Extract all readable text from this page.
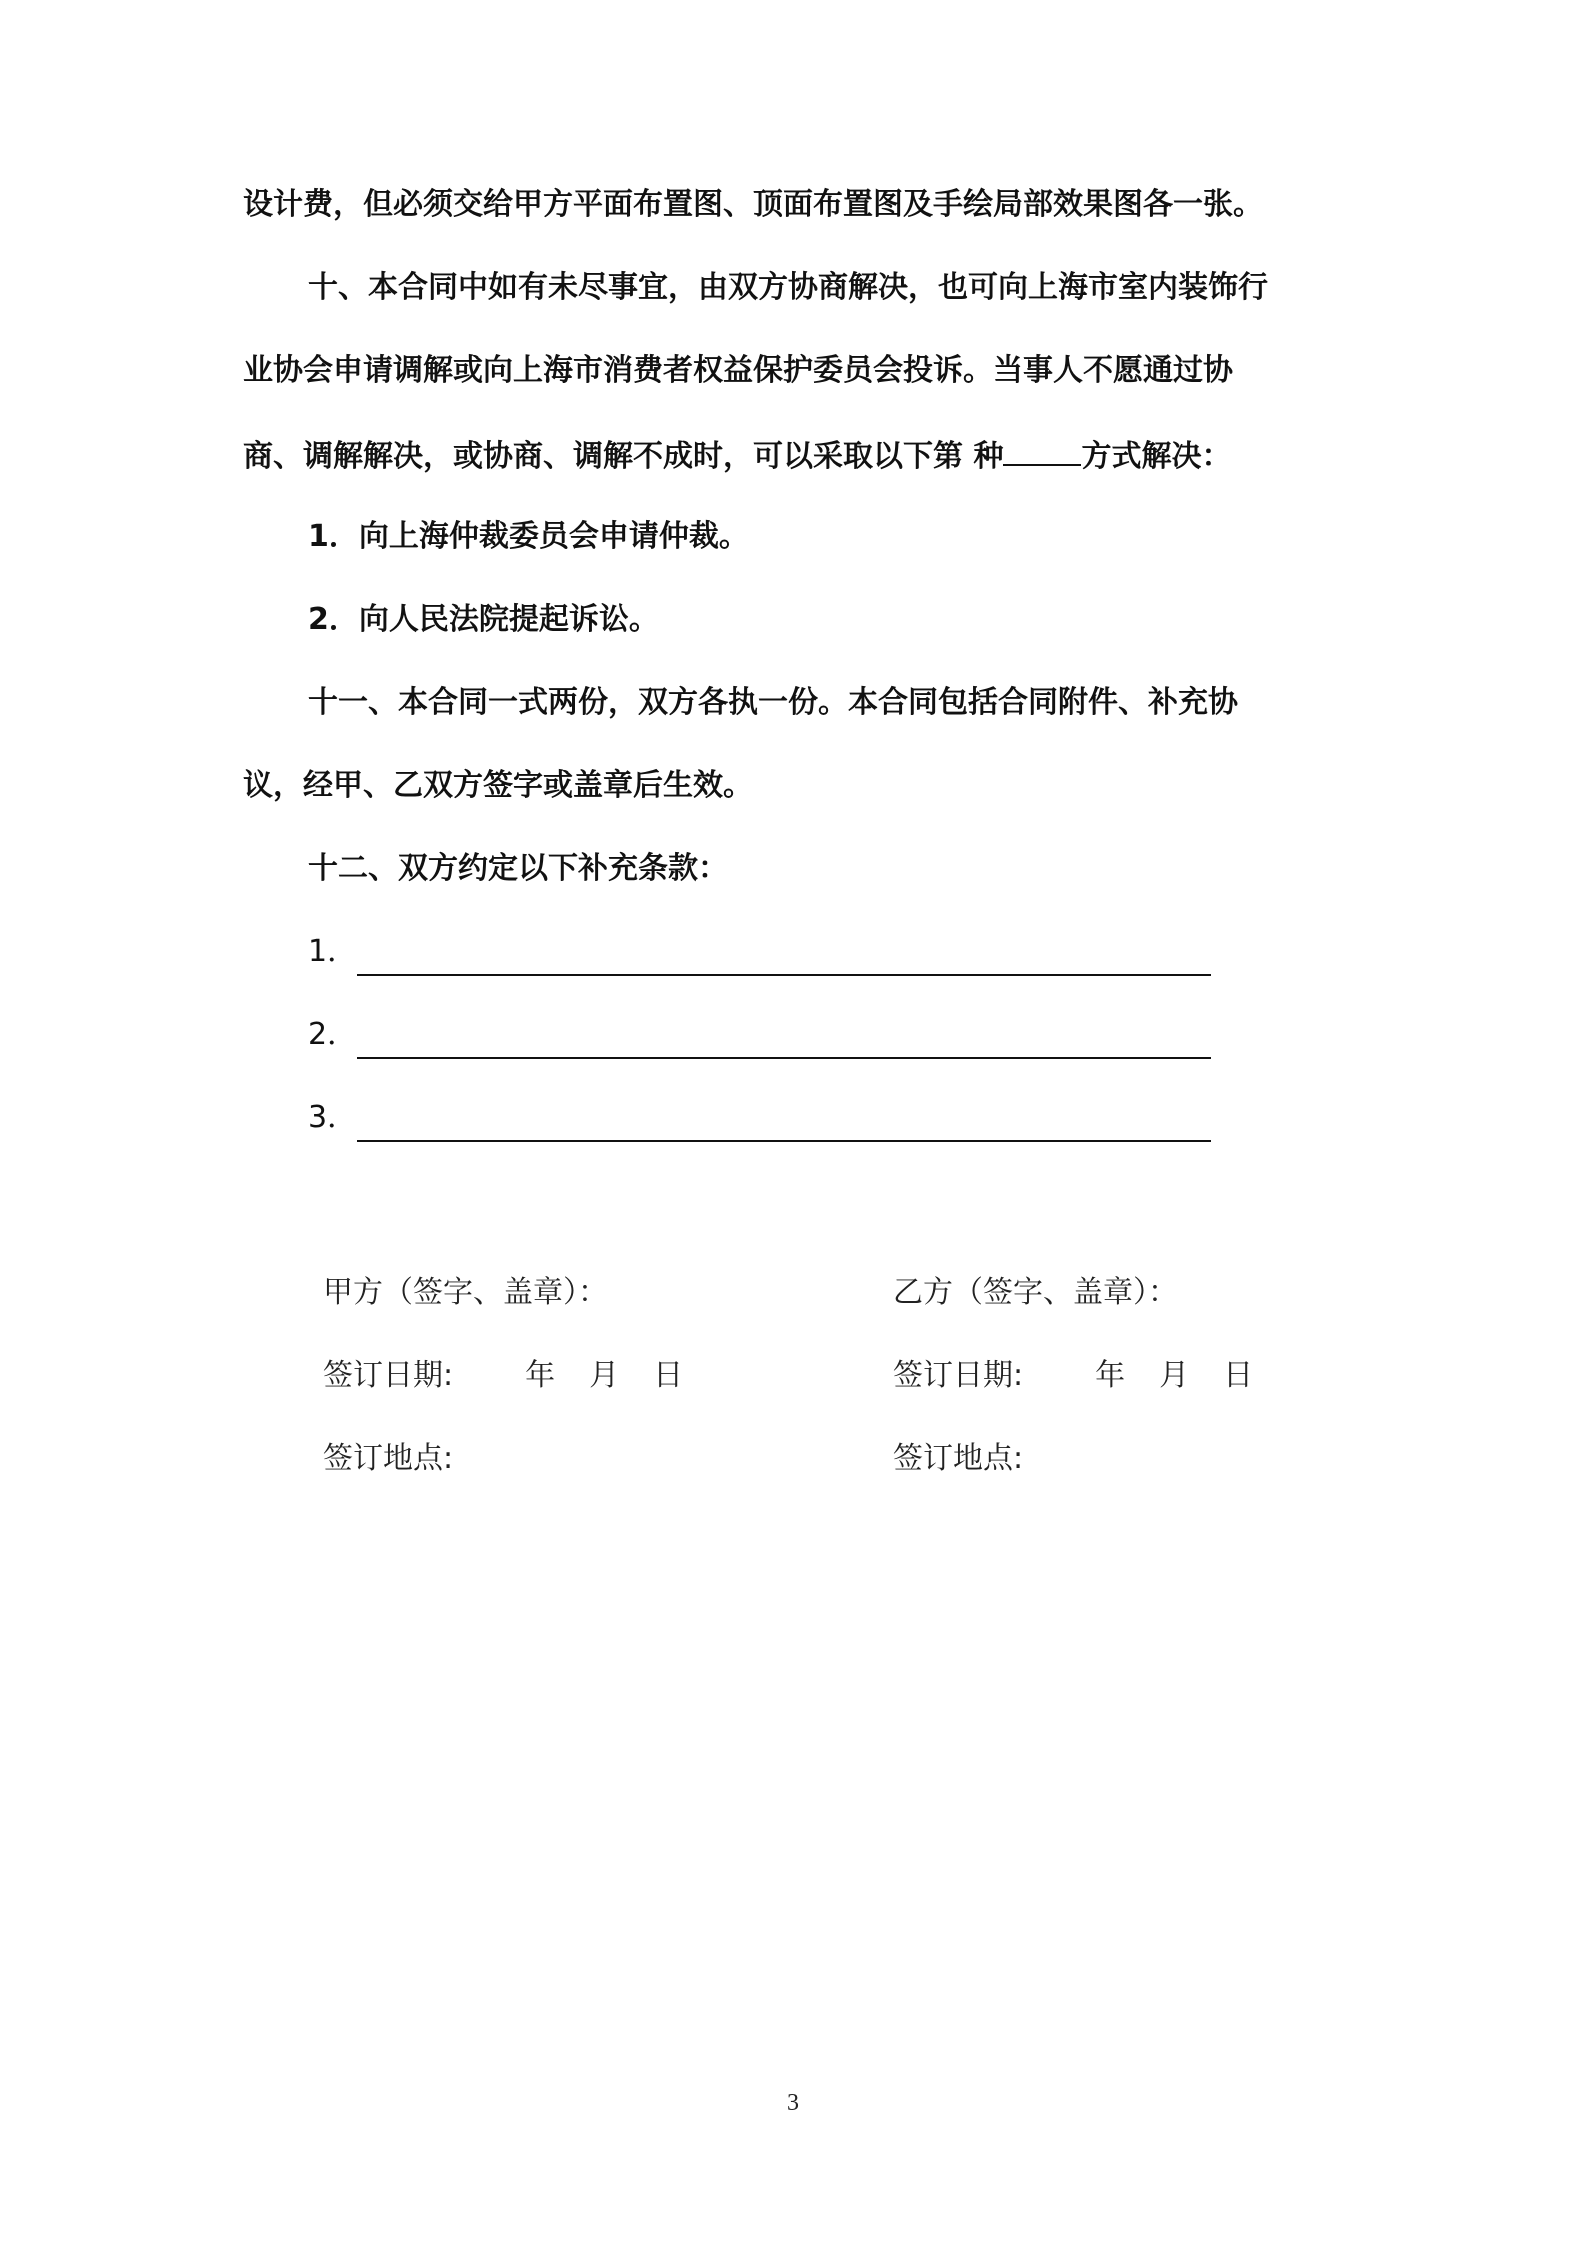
设计费，但必须交给甲方平面布置图、顶面布置图及手绘局部效果图各一张。
十、本合同中如有未尽事宜，由双方协商解决，也可向上海市室内装饰行
业协会申请调解或向上海市消费者权益保护委员会投诉。当事人不愿通过协
商、调解解决，或协商、调解不成时，可以采取以下第 种	方式解决：
1．向上海仲裁委员会申请仲裁。
2．向人民法院提起诉讼。
十一、本合同一式两份，双方各执一份。本合同包括合同附件、补充协
议，经甲、乙双方签字或盖章后生效。
十二、双方约定以下补充条款：
1．
2．
3．
甲方（签字、盖章）：
签订日期: 年 月 日
签订地点:
乙方（签字、盖章）：
签订日期: 年 月 日
签订地点:
3
